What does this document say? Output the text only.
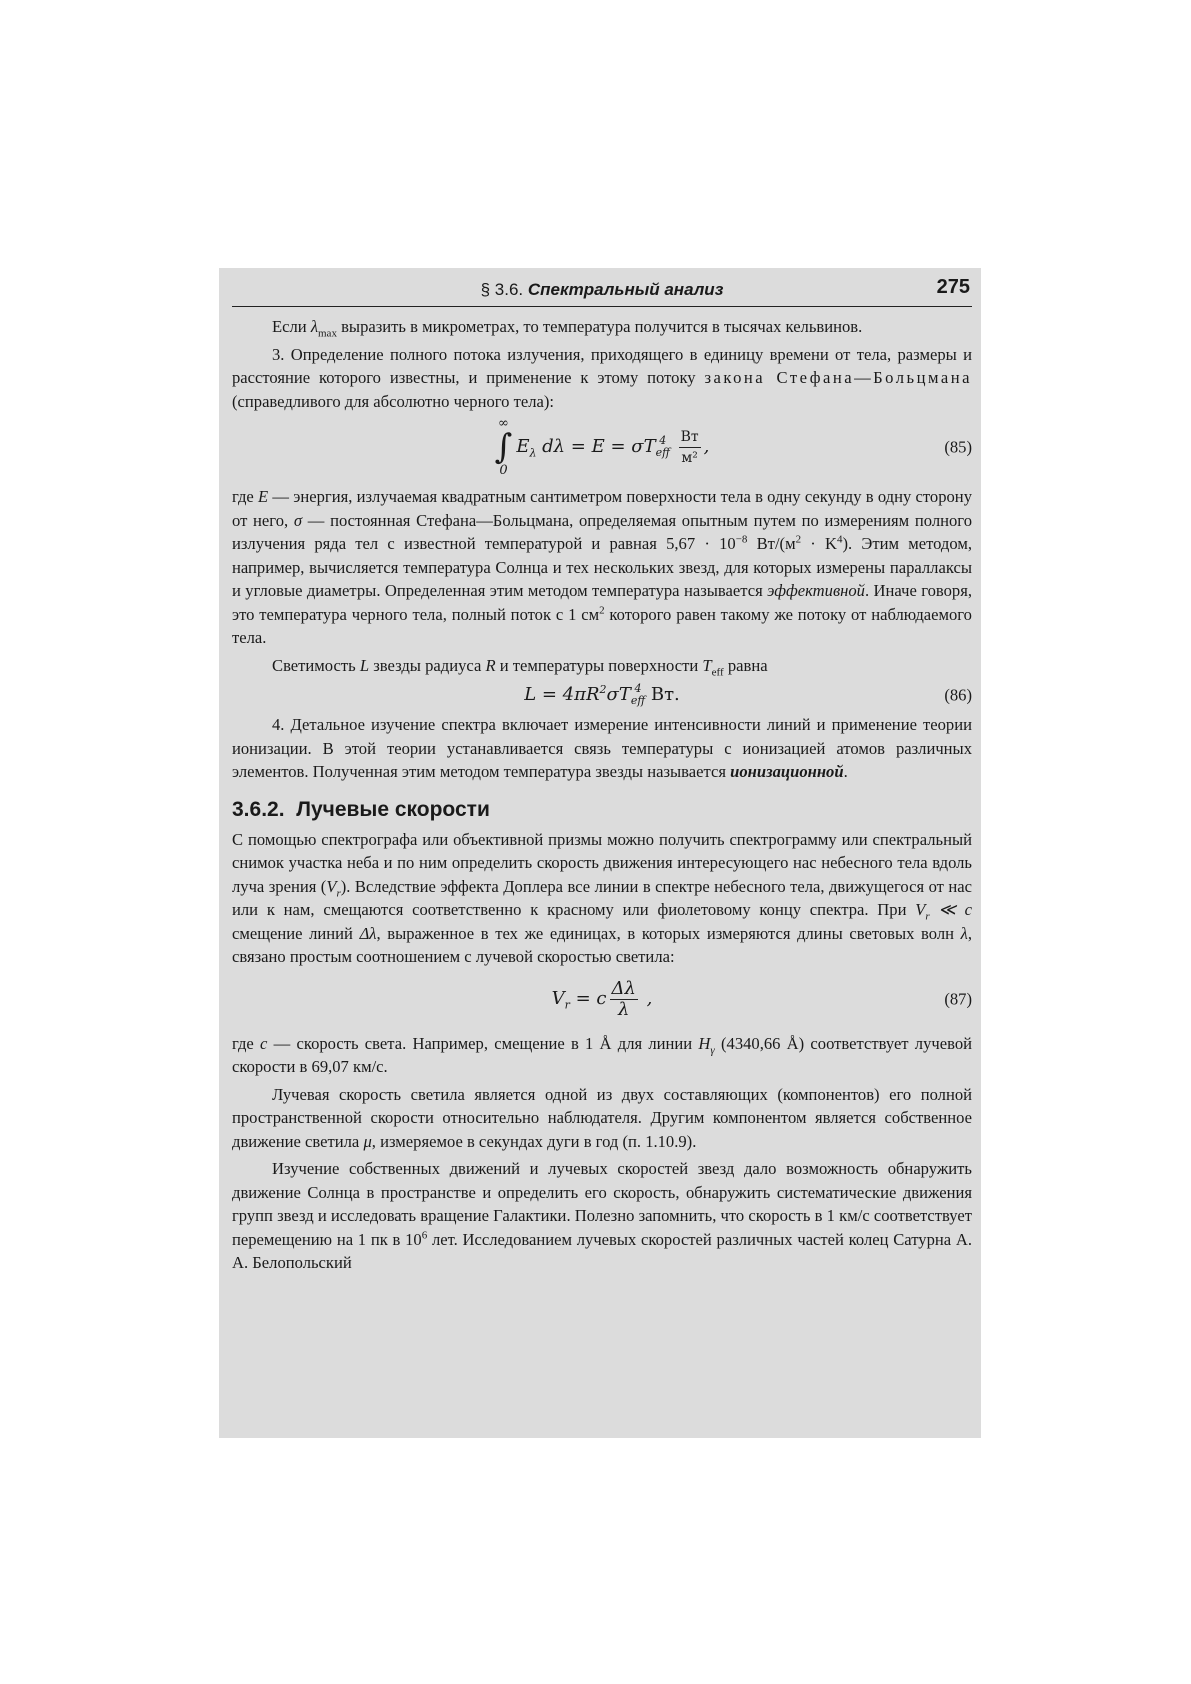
§ 3.6. Спектральный анализ	275

Если $\lambda_{max}$ выразить в микрометрах, то температура получится в тысячах кельвинов.

3. Определение полного потока излучения, приходящего в единицу времени от тела, размеры и расстояние которого известны, и применение к этому потоку закона Стефана—Больцмана (справедливого для абсолютно черного тела):

∞
∫
0
$E_\lambda$ dλ = E = σT 4
eff
$\frac{Вт}{\text{м²}}$ ,	(85)

где E — энергия, излучаемая квадратным сантиметром поверхности тела в одну секунду в одну сторону от него, σ — постоянная Стефана—Больцмана, определяемая опытным путем по измерениям полного излучения ряда тел с известной температурой и равная $5,67 \cdot 10^{-8}$ $Вт/(м^2 \cdot K^4)$. Этим методом, например, вычисляется температура Солнца и тех нескольких звезд, для которых измерены параллаксы и угловые диаметры. Определенная этим методом температура называется эффективной. Иначе говоря, это температура черного тела, полный поток с 1 $см^2$ которого равен такому же потоку от наблюдаемого тела.

Светимость L звезды радиуса R и температуры поверхности $T_{eff}$ равна

$L = 4\pi R^2\sigma T$ 4
eff Вт.	(86)

4. Детальное изучение спектра включает измерение интенсивности линий и применение теории ионизации. В этой теории устанавливается связь температуры с ионизацией атомов различных элементов. Полученная этим методом температура звезды называется ионизационной.

3.6.2. Лучевые скорости

С помощью спектрографа или объективной призмы можно получить спектрограмму или спектральный снимок участка неба и по ним определить скорость движения интересующего нас небесного тела вдоль луча зрения $(V_r)$. Вследствие эффекта Доплера все линии в спектре небесного тела, движущегося от нас или к нам, смещаются соответственно к красному или фиолетовому концу спектра. При $V_r$ ≪ c смещение линий Δλ, выраженное в тех же единицах, в которых измеряются длины световых волн λ, связано простым соотношением с лучевой скоростью светила:

$V_r = c \frac{\Delta\lambda}{\lambda}$ ,	(87)

где c — скорость света. Например, смещение в 1 Å для линии $H_\gamma$ (4340,66 Å) соответствует лучевой скорости в 69,07 км/с.

Лучевая скорость светила является одной из двух составляющих (компонентов) его полной пространственной скорости относительно наблюдателя. Другим компонентом является собственное движение светила μ, измеряемое в секундах дуги в год (п. 1.10.9).

Изучение собственных движений и лучевых скоростей звезд дало возможность обнаружить движение Солнца в пространстве и определить его скорость, обнаружить систематические движения групп звезд и исследовать вращение Галактики. Полезно запомнить, что скорость в 1 км/с соответствует перемещению на 1 пк в $10^6$ лет. Исследованием лучевых скоростей различных частей колец Сатурна А. А. Белопольский
